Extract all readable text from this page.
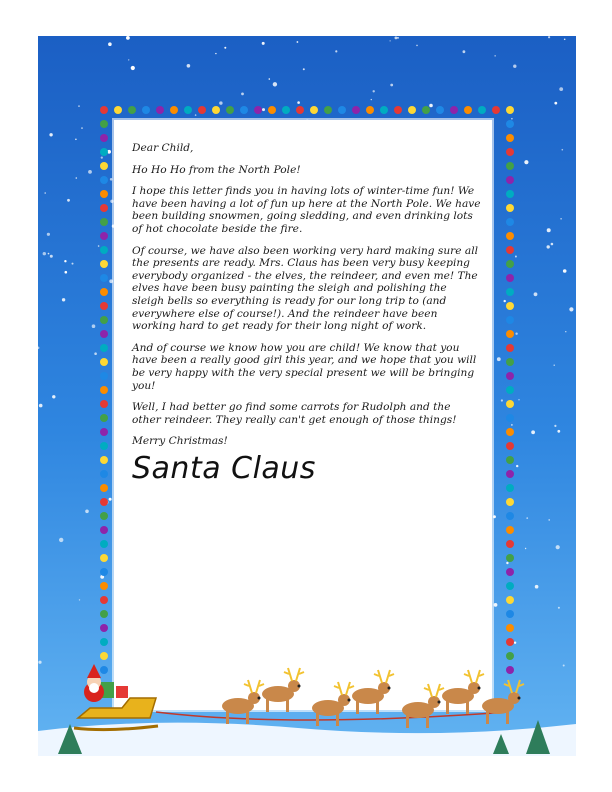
Dear Child,

Ho Ho Ho from the North Pole!

I hope this letter finds you in having lots of winter-time fun! We have been having a lot of fun up here at the North Pole. We have been building snowmen, going sledding, and even drinking lots of hot chocolate beside the fire.

Of course, we have also been working very hard making sure all the presents are ready. Mrs. Claus has been very busy keeping everybody organized - the elves, the reindeer, and even me! The elves have been busy painting the sleigh and polishing the sleigh bells so everything is ready for our long trip to (and everywhere else of course!). And the reindeer have been working hard to get ready for their long night of work.

And of course we know how you are child! We know that you have been a really good girl this year, and we hope that you will be very happy with the very special present we will be bringing you!

Well, I had better go find some carrots for Rudolph and the other reindeer. They really can't get enough of those things!

Merry Christmas!

Santa Claus
